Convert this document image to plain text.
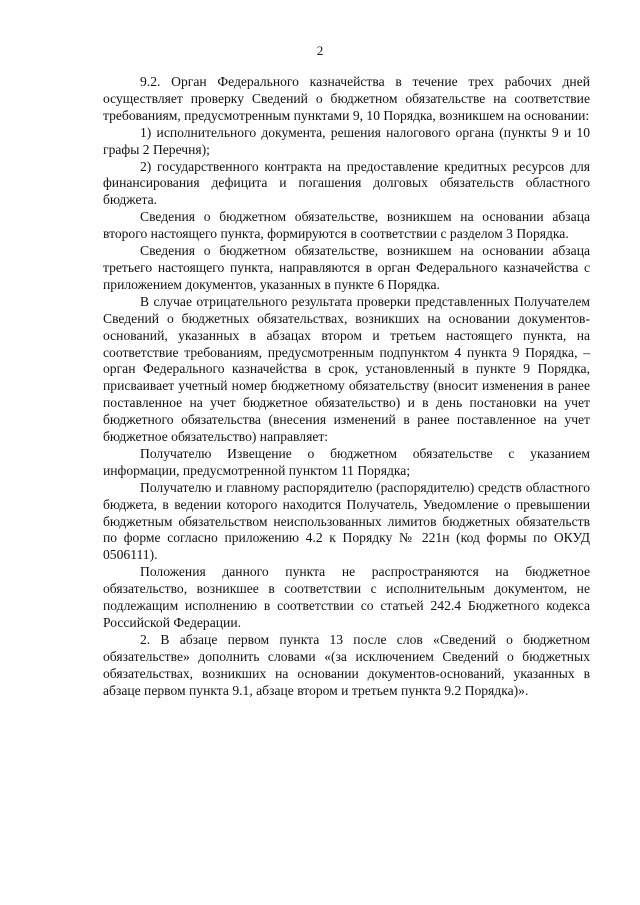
2

9.2. Орган Федерального казначейства в течение трех рабочих дней осуществляет проверку Сведений о бюджетном обязательстве на соответствие требованиям, предусмотренным пунктами 9, 10 Порядка, возникшем на основании:

1) исполнительного документа, решения налогового органа (пункты 9 и 10 графы 2 Перечня);

2) государственного контракта на предоставление кредитных ресурсов для финансирования дефицита и погашения долговых обязательств областного бюджета.

Сведения о бюджетном обязательстве, возникшем на основании абзаца второго настоящего пункта, формируются в соответствии с разделом 3 Порядка.

Сведения о бюджетном обязательстве, возникшем на основании абзаца третьего настоящего пункта, направляются в орган Федерального казначейства с приложением документов, указанных в пункте 6 Порядка.

В случае отрицательного результата проверки представленных Получателем Сведений о бюджетных обязательствах, возникших на основании документов-оснований, указанных в абзацах втором и третьем настоящего пункта, на соответствие требованиям, предусмотренным подпунктом 4 пункта 9 Порядка, – орган Федерального казначейства в срок, установленный в пункте 9 Порядка, присваивает учетный номер бюджетному обязательству (вносит изменения в ранее поставленное на учет бюджетное обязательство) и в день постановки на учет бюджетного обязательства (внесения изменений в ранее поставленное на учет бюджетное обязательство) направляет:

Получателю Извещение о бюджетном обязательстве с указанием информации, предусмотренной пунктом 11 Порядка;

Получателю и главному распорядителю (распорядителю) средств областного бюджета, в ведении которого находится Получатель, Уведомление о превышении бюджетным обязательством неиспользованных лимитов бюджетных обязательств по форме согласно приложению 4.2 к Порядку № 221н (код формы по ОКУД 0506111).

Положения данного пункта не распространяются на бюджетное обязательство, возникшее в соответствии с исполнительным документом, не подлежащим исполнению в соответствии со статьей 242.4 Бюджетного кодекса Российской Федерации.

2. В абзаце первом пункта 13 после слов «Сведений о бюджетном обязательстве» дополнить словами «(за исключением Сведений о бюджетных обязательствах, возникших на основании документов-оснований, указанных в абзаце первом пункта 9.1, абзаце втором и третьем пункта 9.2 Порядка)».
